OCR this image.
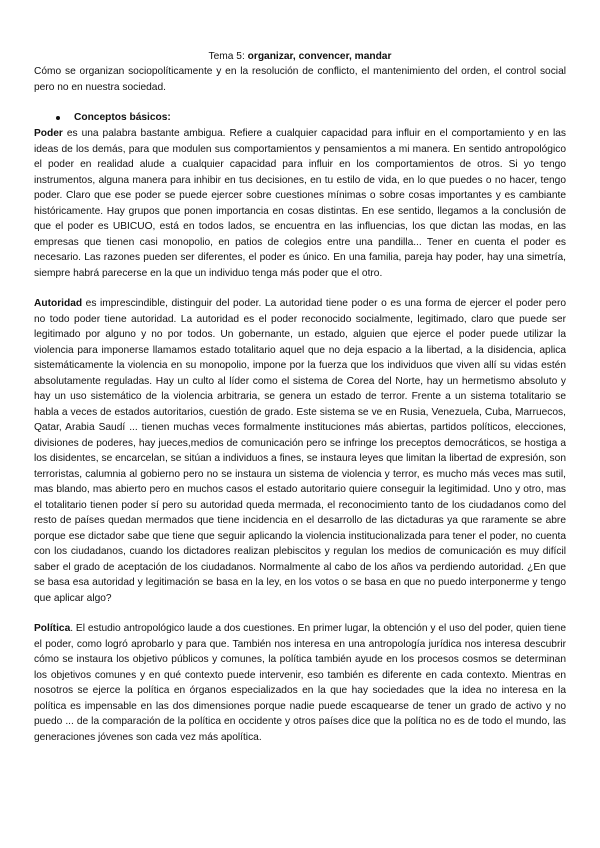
Tema 5: organizar, convencer, mandar

Cómo se organizan sociopolíticamente y en la resolución de conflicto, el mantenimiento del orden, el control social pero no en nuestra sociedad.

Conceptos básicos :

Poder es una palabra bastante ambigua. Refiere a cualquier capacidad para influir en el comportamiento y en las ideas de los demás, para que modulen sus comportamientos y pensamientos a mi manera. En sentido antropológico el poder en realidad alude a cualquier capacidad para influir en los comportamientos de otros. Si yo tengo instrumentos, alguna manera para inhibir en tus decisiones, en tu estilo de vida, en lo que puedes o no hacer, tengo poder. Claro que ese poder se puede ejercer sobre cuestiones mínimas o sobre cosas importantes y es cambiante históricamente. Hay grupos que ponen importancia en cosas distintas. En ese sentido, llegamos a la conclusión de que el poder es UBICUO, está en todos lados, se encuentra en las influencias, los que dictan las modas, en las empresas que tienen casi monopolio, en patios de colegios entre una pandilla... Tener en cuenta el poder es necesario. Las razones pueden ser diferentes, el poder es único. En una familia, pareja hay poder, hay una simetría, siempre habrá parecerse en la que un individuo tenga más poder que el otro.

Autoridad es imprescindible, distinguir del poder. La autoridad tiene poder o es una forma de ejercer el poder pero no todo poder tiene autoridad. La autoridad es el poder reconocido socialmente, legitimado, claro que puede ser legitimado por alguno y no por todos. Un gobernante, un estado, alguien que ejerce el poder puede utilizar la violencia para imponerse llamamos estado totalitario aquel que no deja espacio a la libertad, a la disidencia, aplica sistemáticamente la violencia en su monopolio, impone por la fuerza que los individuos que viven allí su vidas estén absolutamente reguladas. Hay un culto al líder como el sistema de Corea del Norte, hay un hermetismo absoluto y hay un uso sistemático de la violencia arbitraria, se genera un estado de terror. Frente a un sistema totalitario se habla a veces de estados autoritarios, cuestión de grado. Este sistema se ve en Rusia, Venezuela, Cuba, Marruecos, Qatar, Arabia Saudí ... tienen muchas veces formalmente instituciones más abiertas, partidos políticos, elecciones, divisiones de poderes, hay jueces,medios de comunicación pero se infringe los preceptos democráticos, se hostiga a los disidentes, se encarcelan, se sitúan a individuos a fines, se instaura leyes que limitan la libertad de expresión, son terroristas, calumnia al gobierno pero no se instaura un sistema de violencia y terror, es mucho más veces mas sutil, mas blando, mas abierto pero en muchos casos el estado autoritario quiere conseguir la legitimidad. Uno y otro, mas el totalitario tienen poder sí pero su autoridad queda mermada, el reconocimiento tanto de los ciudadanos como del resto de países quedan mermados que tiene incidencia en el desarrollo de las dictaduras ya que raramente se abre porque ese dictador sabe que tiene que seguir aplicando la violencia institucionalizada para tener el poder, no cuenta con los ciudadanos, cuando los dictadores realizan plebiscitos y regulan los medios de comunicación es muy difícil saber el grado de aceptación de los ciudadanos. Normalmente al cabo de los años va perdiendo autoridad. ¿En que se basa esa autoridad y legitimación se basa en la ley, en los votos o se basa en que no puedo interponerme y tengo que aplicar algo?

Política. El estudio antropológico laude a dos cuestiones. En primer lugar, la obtención y el uso del poder, quien tiene el poder, como logró aprobarlo y para que. También nos interesa en una antropología jurídica nos interesa descubrir cómo se instaura los objetivo públicos y comunes, la política también ayude en los procesos cosmos se determinan los objetivos comunes y en qué contexto puede intervenir, eso también es diferente en cada contexto. Mientras en nosotros se ejerce la política en órganos especializados en la que hay sociedades que la idea no interesa en la política es impensable en las dos dimensiones porque nadie puede escaquearse de tener un grado de activo y no puedo ... de la comparación de la política en occidente y otros países dice que la política no es de todo el mundo, las generaciones jóvenes son cada vez más apolítica.
